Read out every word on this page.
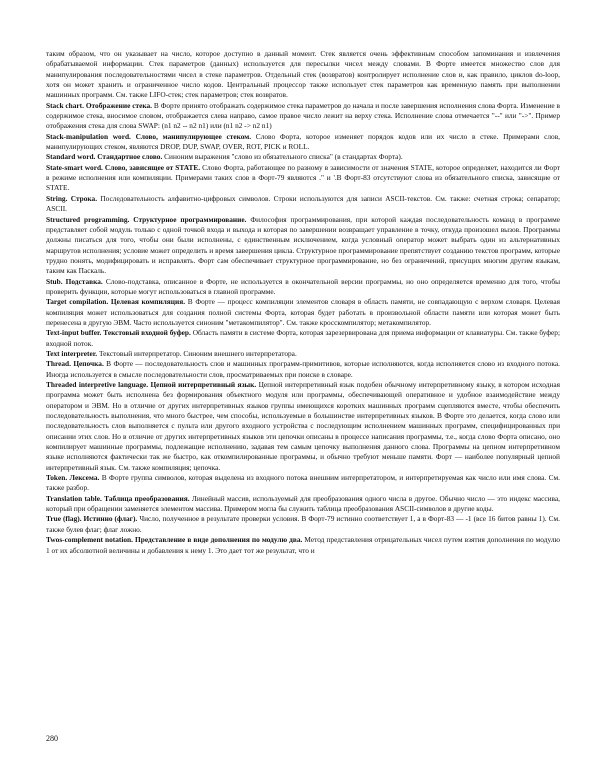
таким образом, что он указывает на число, которое доступно в данный момент. Стек является очень эффективным способом запоминания и извлечения обрабатываемой информации. Стек параметров (данных) используется для пересылки чисел между словами. В Форте имеется множество слов для манипулирования последовательностями чисел в стеке параметров. Отдельный стек (возвратов) контролирует исполнение слов и, как правило, циклов do-loop, хотя он может хранить и ограниченное число кодов. Центральный процессор также использует стек параметров как временную память при выполнении машинных программ. См. также LIFO-стек; стек параметров; стек возвратов.

Stack chart. Отображение стека. В Форте принято отображать содержимое стека параметров до начала и после завершения исполнения слова Форта. Изменение в содержимое стека, вносимое словом, отображается слева направо, самое правое число лежит на верху стека. Исполнение слова отмечается "--" или "->". Пример отображения стека для слова SWAP: (n1 n2 -- n2 n1) или (n1 n2 -> n2 n1)

Stack-manipulation word. Слово, манипулирующее стеком. Слово Форта, которое изменяет порядок кодов или их число в стеке. Примерами слов, манипулирующих стеком, являются DROP, DUP, SWAP, OVER, ROT, PICK и ROLL.

Standard word. Стандартное слово. Синоним выражения "слово из обязательного списка" (в стандартах Форта).

State-smart word. Слово, зависящее от STATE. Слово Форта, работающее по разному в зависимости от значения STATE, которое определяет, находится ли Форт в режиме исполнения или компиляции. Примерами таких слов в Форт-79 являются ." и '.В Форт-83 отсутствуют слова из обязательного списка, зависящие от STATE.

String. Строка. Последовательность алфавитно-цифровых символов. Строки используются для записи ASCII-текстов. См. также: счетная строка; сепаратор; ASCII.

Structured programming. Структурное программирование. Философия программирования, при которой каждая последовательность команд в программе представляет собой модуль только с одной точкой входа и выхода и которая по завершении возвращает управление в точку, откуда произошел вызов. Программы должны писаться для того, чтобы они были исполнены, с единственным исключением, когда условный оператор может выбрать один из альтернативных маршрутов исполнения; условие может определить и время завершения цикла. Структурное программирование препятствует созданию текстов программ, которые трудно понять, модифицировать и исправлять. Форт сам обеспечивает структурное программирование, но без ограничений, присущих многим другим языкам, таким как Паскаль.

Stub. Подставка. Слово-подставка, описанное в Форте, не используется в окончательной версии программы, но оно определяется временно для того, чтобы проверить функции, которые могут использоваться в главной программе.

Target compilation. Целевая компиляция. В Форте — процесс компиляции элементов словаря в область памяти, не совпадающую с верхом словаря. Целевая компиляция может использоваться для создания полной системы Форта, которая будет работать в произвольной области памяти или которая может быть перенесена в другую ЭВМ. Часто используется синоним "метакомпилятор". См. также кросскомпилятор; метакомпилятор.

Text-input buffer. Текстовый входной буфер. Область памяти в системе Форта, которая зарезервирована для приема информации от клавиатуры. См. также буфер; входной поток.

Text interpreter. Текстовый интерпретатор. Синоним внешнего интерпретатора.

Thread. Цепочка. В Форте — последовательность слов и машинных программ-примитивов, которые исполняются, когда исполняется слово из входного потока. Иногда используется в смысле последовательности слов, просматриваемых при поиске в словаре.

Threaded interpretive language. Цепной интерпретивный язык. Цепной интерпретивный язык подобен обычному интерпретивному языку, в котором исходная программа может быть исполнена без формирования объектного модуля или программы, обеспечивающей оперативное и удобное взаимодействие между оператором и ЭВМ. Но в отличие от других интерпретивных языков группы имеющихся коротких машинных программ сцепляются вместе, чтобы обеспечить последовательность выполнения, что много быстрее, чем способы, используемые в большинстве интерпретивных языков. В Форте это делается, когда слово или последовательность слов выполняется с пульта или другого входного устройства с последующим исполнением машинных программ, специфицированных при описании этих слов. Но в отличие от других интерпретивных языков эти цепочки описаны в процессе написания программы, т.е., когда слово Форта описано, оно компилирует машинные программы, подлежащие исполнению, задавая тем самым цепочку выполнения данного слова. Программы на цепном интерпретивном языке исполняются фактически так же быстро, как откомпилированные программы, и обычно требуют меньше памяти. Форт — наиболее популярный цепной интерпретивный язык. См. также компиляция; цепочка.

Token. Лексема. В Форте группа символов, которая выделена из входного потока внешним интерпретатором, и интерпретируемая как число или имя слова. См. также разбор.

Translation table. Таблица преобразования. Линейный массив, используемый для преобразования одного числа в другое. Обычно число — это индекс массива, который при обращении заменяется элементом массива. Примером могла бы служить таблица преобразования ASCII-символов в другие коды.

True (flag). Истинно (флаг). Число, полученное в результате проверки условия. В Форт-79 истинно соответствует 1, а в Форт-83 — -1 (все 16 битов равны 1). См. также булев флаг; флаг ложно.

Twos-complement notation. Представление в виде дополнения по модулю два. Метод представления отрицательных чисел путем взятия дополнения по модулю 1 от их абсолютной величины и добавления к нему 1. Это дает тот же результат, что и

280
